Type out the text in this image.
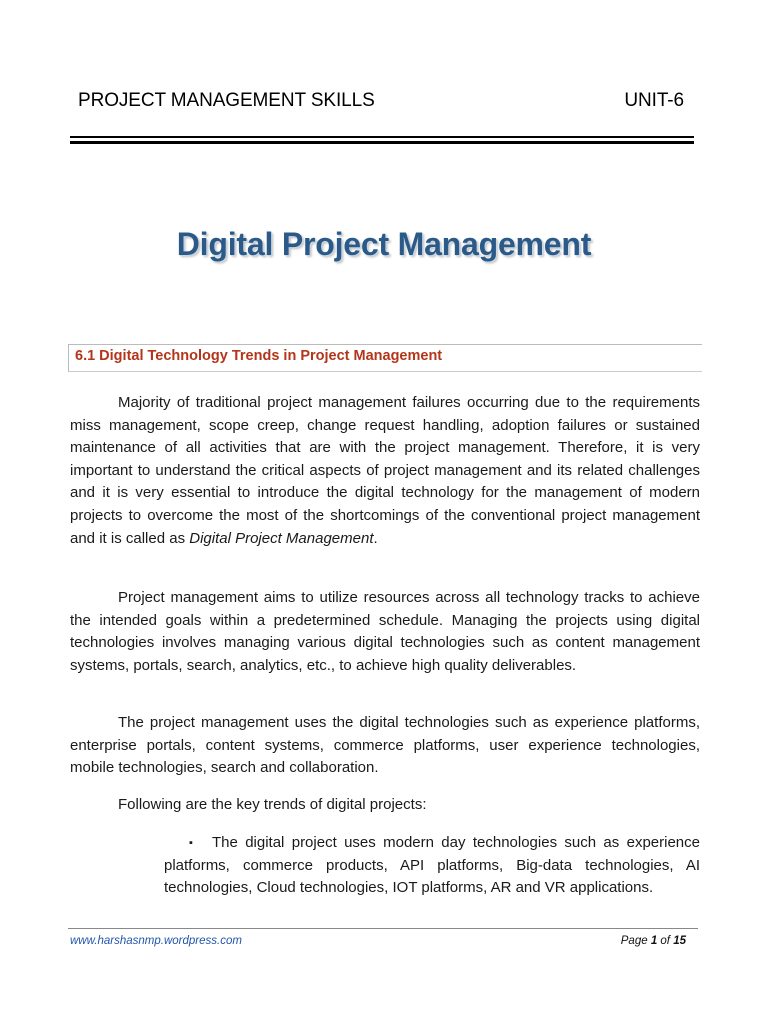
PROJECT MANAGEMENT SKILLS	UNIT-6
Digital Project Management
6.1 Digital Technology Trends in Project Management

Majority of traditional project management failures occurring due to the requirements miss management, scope creep, change request handling, adoption failures or sustained maintenance of all activities that are with the project management. Therefore, it is very important to understand the critical aspects of project management and its related challenges and it is very essential to introduce the digital technology for the management of modern projects to overcome the most of the shortcomings of the conventional project management and it is called as Digital Project Management.

Project management aims to utilize resources across all technology tracks to achieve the intended goals within a predetermined schedule. Managing the projects using digital technologies involves managing various digital technologies such as content management systems, portals, search, analytics, etc., to achieve high quality deliverables.

The project management uses the digital technologies such as experience platforms, enterprise portals, content systems, commerce platforms, user experience technologies, mobile technologies, search and collaboration.

Following are the key trends of digital projects:

▪ The digital project uses modern day technologies such as experience platforms, commerce products, API platforms, Big-data technologies, AI technologies, Cloud technologies, IOT platforms, AR and VR applications.

www.harshasnmp.wordpress.com	Page 1 of 15
